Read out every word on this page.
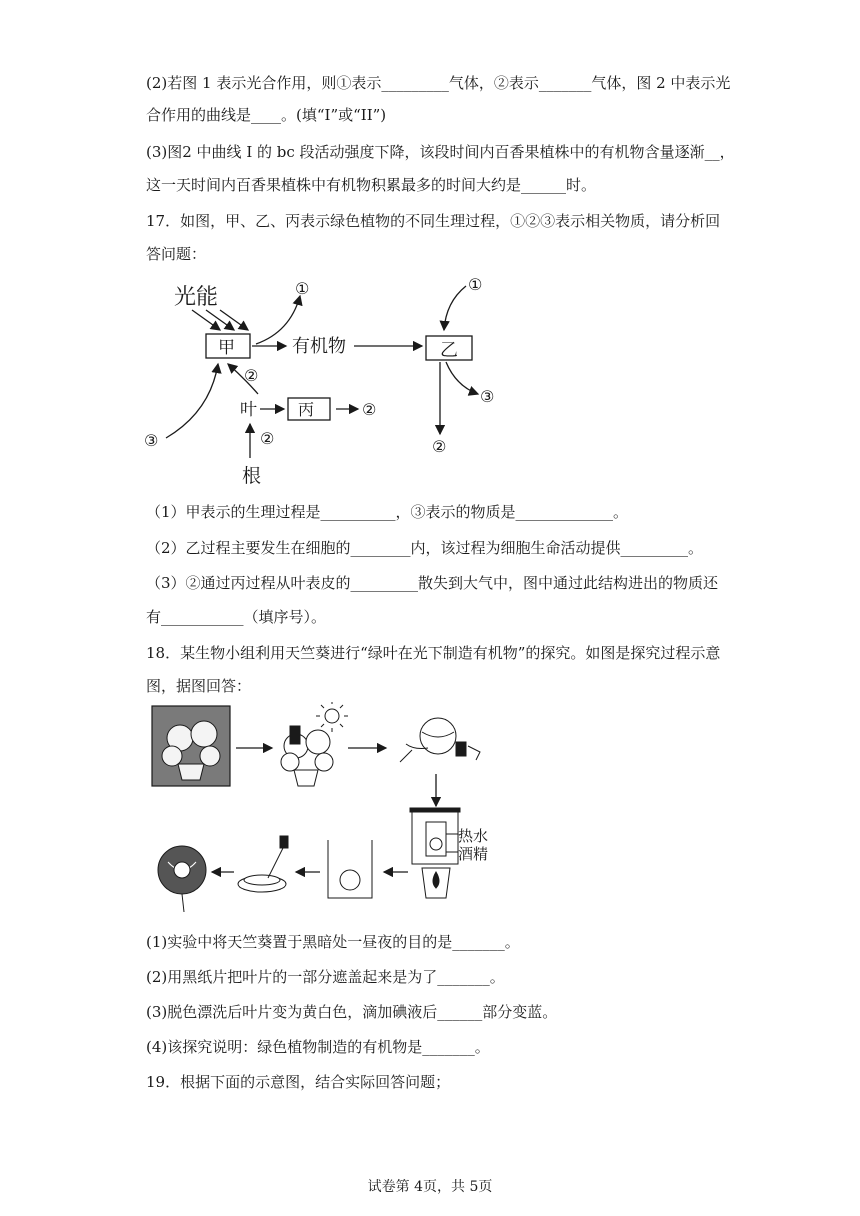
(2)若图 1 表示光合作用，则①表示_________气体，②表示_______气体，图 2 中表示光
合作用的曲线是____。(填“I”或“II”)
(3)图2 中曲线 I 的 bc 段活动强度下降，该段时间内百香果植株中的有机物含量逐渐__，
这一天时间内百香果植株中有机物积累最多的时间大约是______时。
17．如图，甲、乙、丙表示绿色植物的不同生理过程，①②③表示相关物质，请分析回
答问题：
光能
甲	有机物	乙
丙
叶
根
①	①
②
②
②	②
③
③
（1）甲表示的生理过程是__________，③表示的物质是_____________。
（2）乙过程主要发生在细胞的________内，该过程为细胞生命活动提供_________。
（3）②通过丙过程从叶表皮的_________散失到大气中，图中通过此结构进出的物质还
有___________（填序号）。
18．某生物小组利用天竺葵进行“绿叶在光下制造有机物”的探究。如图是探究过程示意
图，据图回答：
热水
酒精
(1)实验中将天竺葵置于黑暗处一昼夜的目的是_______。
(2)用黑纸片把叶片的一部分遮盖起来是为了_______。
(3)脱色漂洗后叶片变为黄白色，滴加碘液后______部分变蓝。
(4)该探究说明：绿色植物制造的有机物是_______。
19．根据下面的示意图，结合实际回答问题；
试卷第 4页，共 5页
